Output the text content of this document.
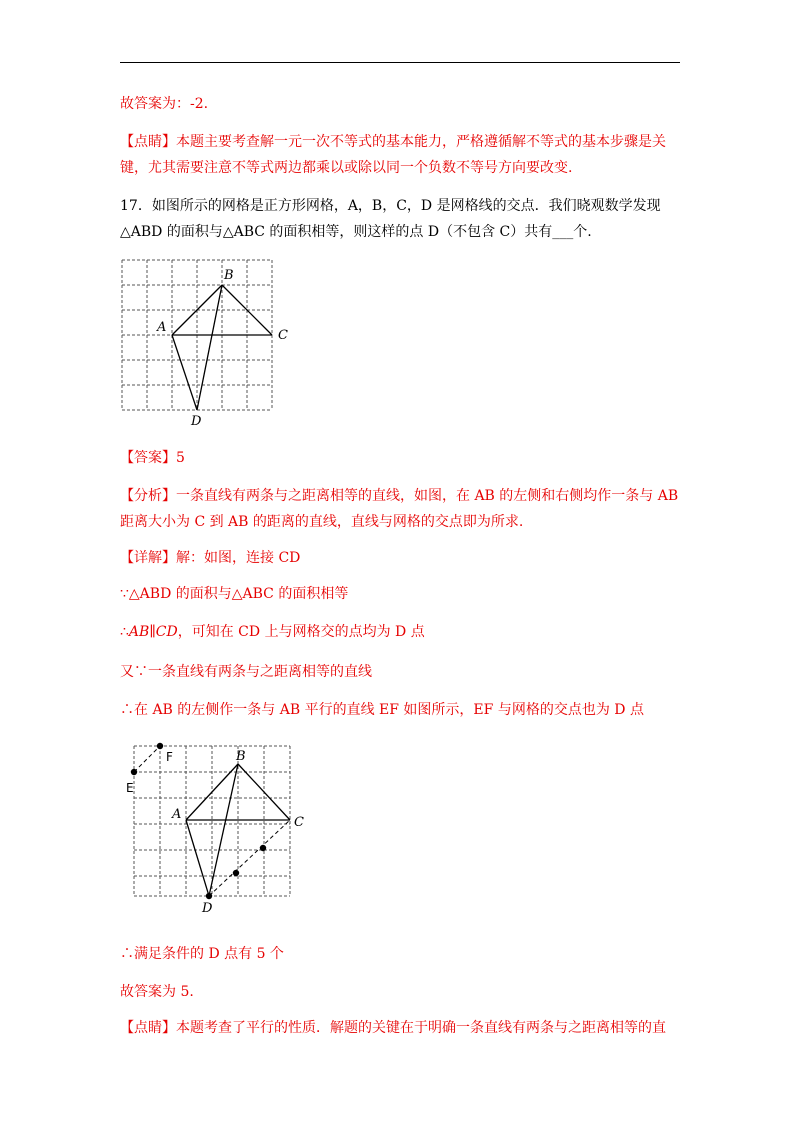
故答案为：-2.
【点睛】本题主要考查解一元一次不等式的基本能力，严格遵循解不等式的基本步骤是关
键，尤其需要注意不等式两边都乘以或除以同一个负数不等号方向要改变.
17．如图所示的网格是正方形网格，A，B，C，D 是网格线的交点．我们晓观数学发现
△ABD 的面积与△ABC 的面积相等，则这样的点 D（不包含 C）共有___个.
B
A
C
D
【答案】5
【分析】一条直线有两条与之距离相等的直线，如图，在 AB 的左侧和右侧均作一条与 AB
距离大小为 C 到 AB 的距离的直线，直线与网格的交点即为所求.
【详解】解：如图，连接 CD
∵△ABD 的面积与△ABC 的面积相等
∴AB∥CD，可知在 CD 上与网格交的点均为 D 点
又∵一条直线有两条与之距离相等的直线
∴在 AB 的左侧作一条与 AB 平行的直线 EF 如图所示，EF 与网格的交点也为 D 点
B
A
C
D
E
F
∴满足条件的 D 点有 5 个
故答案为 5.
【点睛】本题考查了平行的性质．解题的关键在于明确一条直线有两条与之距离相等的直
